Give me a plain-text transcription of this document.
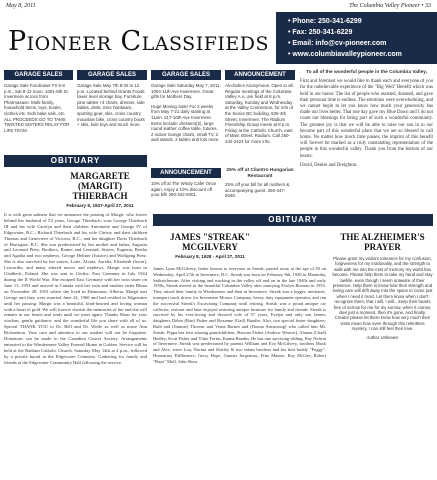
May 8, 2011	The Columbia Valley Pioneer • 33
Pioneer Classifieds
• Phone: 250-341-6299
• Fax: 250-341-6229
• Email: info@cv-pioneer.com
• www.columbiavalleypioneer.com
GARAGE SALES
Garage Sale Fundraiser Fri 5-8 p.m., Sat 8-12 noon. 1001-5th St. Invermere across from Pharmasave. Multi-family, household items, toys, books, clothes etc. Kids bake sale, etc. ALL PROCEEDS GO TO TAMS TWISTED SISTERS RELAY FOR LIFE TEAM.
GARAGE SALES
Garage Sale May 7th 8:30 to 12 p.m. Located behind Grants Foods lower level storage bay. Furniture, pine tables +4 chairs, dresser, side tables, desk, misc hardware, sporting gear, skis, cross country mountain bike, cross country boots + skis, kids toys and much more.
GARAGE SALES
Garage Sale Saturday May 7, 2011. 1004-11th Ave Invermere. Great gifts for Mothers Day.
Huge Moving Sale! For 2 weeks from May 7-21 daily starting at 11am. 217-10th Ave Invermere. Items include: dressers(2), large round leather coffee table, futures, 2 indoor lounge chairs, small TV, 2 wall stands, 2 tables and lots more.
ANNOUNCEMENT
Alcoholics Anonymous. Open to all. Regular meetings of the Columbia Valley A.A. are held at 8 p.m. Saturday, Sunday and Wednesday at the Valley Connection, for info of the Senior BC building, 625-4th Street, Invermere. The Radium Friendship Group meets at 8 p.m. Friday at the Catholic Church, east of Main Street, Radium. Call 250-342-2424 for more info.
ANNOUNCEMENT
10% off at The Windy Cafe! Once again, enjoy a 10% discount off your bill! 250-342-6001.
25% off at Cilantro Hungarian Restaurant
25% off your bill for all mothers & accompanying guest. 250-347-9348.
To all of the wonderful people in the Columbia Valley,
First and foremost we would like to thank each and everyone of you for the unbelievable experience of the "Big Wed" Benefit which was held in our honor. The list of people who assisted, donated, and gave their personal time is endless. The emotions were overwhelming, and we cannot begin to let you know how much your generosity has made our lives better. That one day gave my Blue Dawn and I do not count our blessings for being part of such a wonderful community. The greatest joy is that we will be able to raise our son in to our become part of this wonderful place that we are so blessed to call home. No matter how much time passes, the imprint of this benefit will forever be marked as a truly outstanding representation of the people in this wonderful valley. Thank you from the bottom of our hearts.
David, Denise and Dreighton.
OBITUARY
MARGARETE (MARGIT) THIERBACH
February 8, 1937-April 27, 2011
It is with great sadness that we announce the passing of Margit, who leaves behind her husband of 53 years, George Thierbach; sons George Thierbach III and his wife Carolyn and their children Antoinette and George IV of Edgewater, B.C.; Richard Thierbach and his wife Christy and their children Thomas and Genevieve of Victoria, B.C.; and her daughter Doris Thierbach of Harrogate, B.C. She was predeceased by her mother and father, Augusta and Leonard Pietz; Brothers, Rainer and Leonard; Sisters, Eugenia, Bertha and Agatha and two nephews, George Hellner (Justice) and Wolfgang Pietz. She is also survived by her sisters, Lotte, Alvina, Aurelia, Elizabeth (Irwin), Leocardia, and many adored nieces and nephews. Margit was born in Gladbeck, Poland. She was sent to Görlitz, East Germany in July 1944 during the II World War. She escaped East Germany with her twin sister on June 13, 1953 and arrived in Canada with her twin and another sister Rhina on November 28, 1953 where she lived in Edmonton, Alberta. Margit met George and they were married June 24, 1960 and had resided in Edgewater until her passing. Margit was a beautiful, kind-hearted and loving woman with a heart of gold. We will forever cherish the memories of her and she will remain in our hearts and souls until we meet again. Thanks Mom for your wisdom, gentle guidance, and the wonderful life you share with all of us. Special THANK YOU to Dr. Bell and Dr. Wolfe as well as nurse Ann Richardson. Your care and attention to our mother will not be forgotten. Donations can be made to the Canadian Cancer Society. Arrangements entrusted to the Windermere Valley Funeral Home in Golden. Service will be held at the Radium Catholic Church, Saturday May 14th at 2 p.m., followed by a private burial at the Edgewater Cemetery. Gathering for family and friends at the Edgewater Community Hall following the service.
OBITUARY
JAMES "STREAK" MCGILVERY
February 8, 1928 - April 27, 2011
James Lynn McGilvery, better known to everyone as Streak, passed away at the age of 83 on Wednesday, April 27th in Invermere, B.C. Streak was born on February 8th, 1928 in Manitoba, Saskatchewan. After visiting and working in the valley off and on in the late 1940s and early 1950s, Streak moved to the beautiful Columbia Valley after marrying Evelyn Bressau in 1953. They raised their family in Windermere and then in Invermere. Streak was a logger, mechanic, transport truck driver for Invermere Motors Company, heavy duty equipment operator, and ran the successful Streak's Excavating Company until retiring. Streak was a proud antique car collector, restorer and later enjoyed restoring antique furniture for family and friends. Streak is survived by his ever-loving and devoted wife of 57 years, Evelyn and only son James; daughters Debra (Ron) Fisher and Roxanne (Gail) Baudin. Also, two special foster daughters: Ruth and (Jimmie) Thoreur and Verna Barnes and (Donna Armstrong) who called him Mr. Streak. Pippa has four adoring grandchildren, Shawna Fisher (Andrew Weaver), Alanna (Chad) Hedley, Scott Fisher and Vittie Fortin, Emma Baudin. He has one surviving sibling, Ray Nelson of Invermere. Streak was predeceased by parents William and Eva McGilvery, brothers Mack and Alex, sister Lou, Norma and Shirley & two infant brothers and his best buddy "Poggy". Honourary Pallbearers: Gerry Hope, Gunner Jorgenson, Fritz Maurer, Roy McGee, Robert "Buzz" Moll, John Shaw
THE ALZHEIMER'S PRAYER
Please grant my visitors tolerance for my confusion, forgiveness for my irrationality, and the strength to walk with me into the mist of memory my world has become. Please help them to take my hand and stay awhile, even though I seem unaware of their presence. Help them to know how their strength and loving care will drift away into the space to come just when I need it most. Let them know when I don't recognize them, that I will, I will... keep their hearts free of sorrow for me for my sorrow, when it comes, dies just a moment, then it's gone. And finally, Creator please let them know how very much their visits mean how even through this relentless mystery, I can still feel their love.
Author Unknown
